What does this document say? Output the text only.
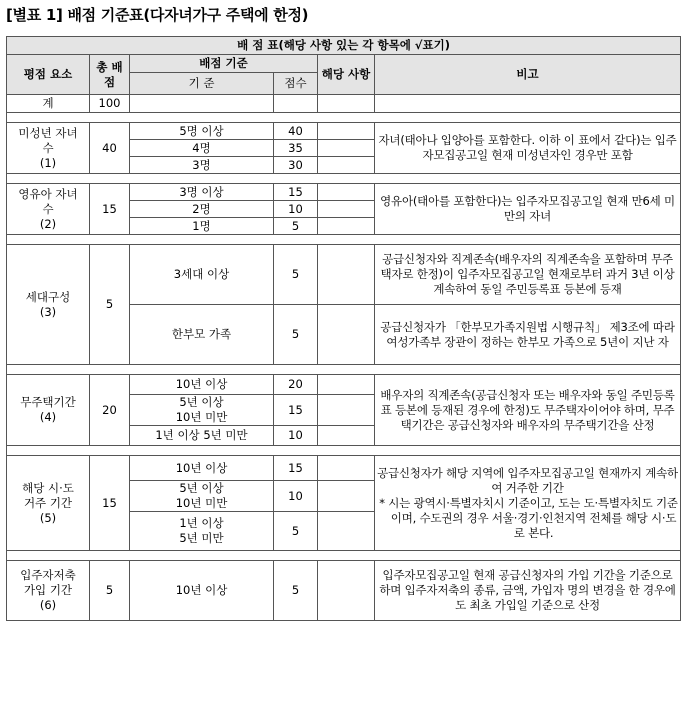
[별표 1] 배점 기준표(다자녀가구 주택에 한정)
배 점 표(해당 사항 있는 각 항목에 √표기)					
평점 요소	총 배점	배점 기준		해당 사항	비고
		기 준	점수		
계	100				

미성년 자녀
수
(1)	40	5명 이상	40		자녀(태아나 입양아를 포함한다. 이하 이 표에서 같다)는 입주자모집공고일 현재 미성년자인 경우만 포함

		4명	35		
		3명	30		

영유아 자녀
수
(2)	15	3명 이상	15		영유아(태아를 포함한다)는 입주자모집공고일 현재 만6세 미만의 자녀

		2명	10		
		1명	5		

세대구성
(3)	5	3세대 이상	5		공급신청자와 직계존속(배우자의 직계존속을 포함하며 무주택자로 한정)이 입주자모집공고일 현재로부터 과거 3년 이상 계속하여 동일 주민등록표 등본에 등재
		한부모 가족	5		공급신청자가 「한부모가족지원법 시행규칙」 제3조에 따라 여성가족부 장관이 정하는 한부모 가족으로 5년이 지난 자

무주택기간
(4)	20	10년 이상	20		배우자의 직계존속(공급신청자 또는 배우자와 동일 주민등록표 등본에 등재된 경우에 한정)도 무주택자이어야 하며, 무주택기간은 공급신청자와 배우자의 무주택기간을 산정

		5년 이상
10년 미만	15		
		1년 이상 5년 미만	10		

해당 시·도
거주 기간
(5)	15	10년 이상	15		공급신청자가 해당 지역에 입주자모집공고일 현재까지 계속하여 거주한 기간
* 시는 광역시·특별자치시 기준이고, 도는 도·특별자치도 기준이며, 수도권의 경우 서울·경기·인천지역 전체를 해당 시·도로 본다.

		5년 이상
10년 미만	10		

		1년 이상
5년 미만	5		

입주자저축
가입 기간
(6)	5	10년 이상	5		입주자모집공고일 현재 공급신청자의 가입 기간을 기준으로 하며 입주자저축의 종류, 금액, 가입자 명의 변경을 한 경우에도 최초 가입일 기준으로 산정
